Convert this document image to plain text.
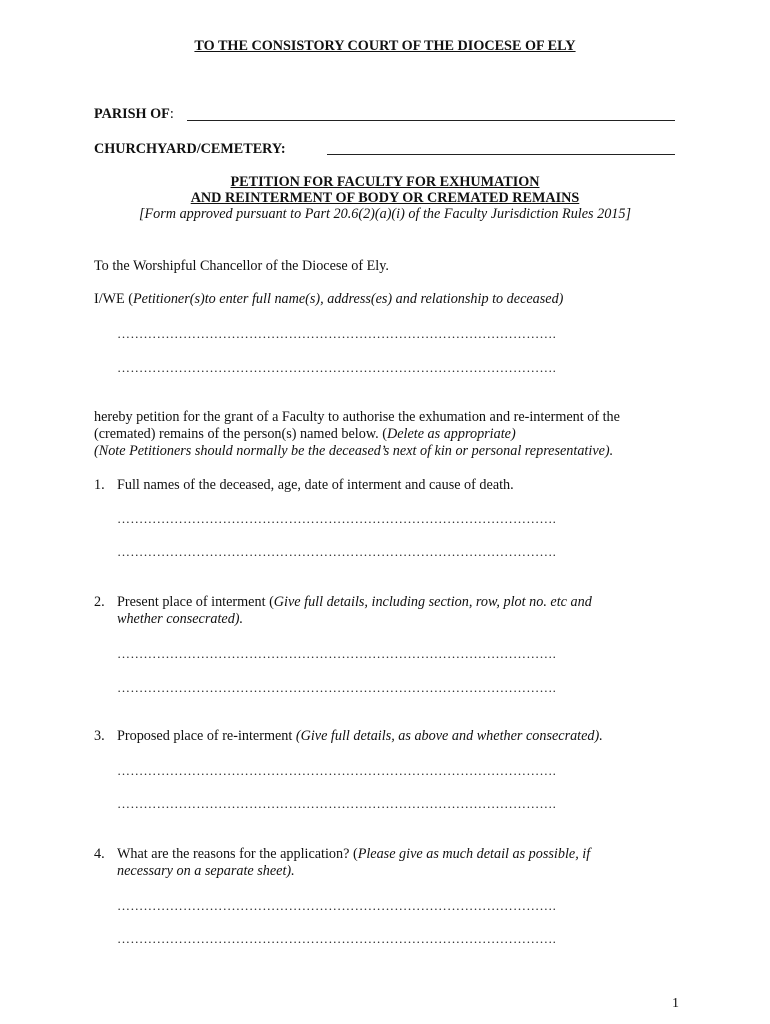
TO THE CONSISTORY COURT OF THE DIOCESE OF ELY
PARISH OF:
CHURCHYARD/CEMETERY:
PETITION FOR FACULTY FOR EXHUMATION
AND REINTERMENT OF BODY OR CREMATED REMAINS
[Form approved pursuant to Part 20.6(2)(a)(i) of the Faculty Jurisdiction Rules 2015]
To the Worshipful Chancellor of the Diocese of Ely.
I/WE (Petitioner(s)to enter full name(s), address(es) and relationship to deceased)
……………………………………………………………………………………….
……………………………………………………………………………………….
hereby petition for the grant of a Faculty to authorise the exhumation and re-interment of the
(cremated) remains of the person(s) named below. (Delete as appropriate)
(Note Petitioners should normally be the deceased’s next of kin or personal representative).
1. Full names of the deceased, age, date of interment and cause of death.
……………………………………………………………………………………….
……………………………………………………………………………………….
2. Present place of interment (Give full details, including section, row, plot no. etc and
whether consecrated).
……………………………………………………………………………………….
……………………………………………………………………………………….
3. Proposed place of re-interment (Give full details, as above and whether consecrated).
……………………………………………………………………………………….
……………………………………………………………………………………….
4. What are the reasons for the application? (Please give as much detail as possible, if
necessary on a separate sheet).
……………………………………………………………………………………….
……………………………………………………………………………………….
1
